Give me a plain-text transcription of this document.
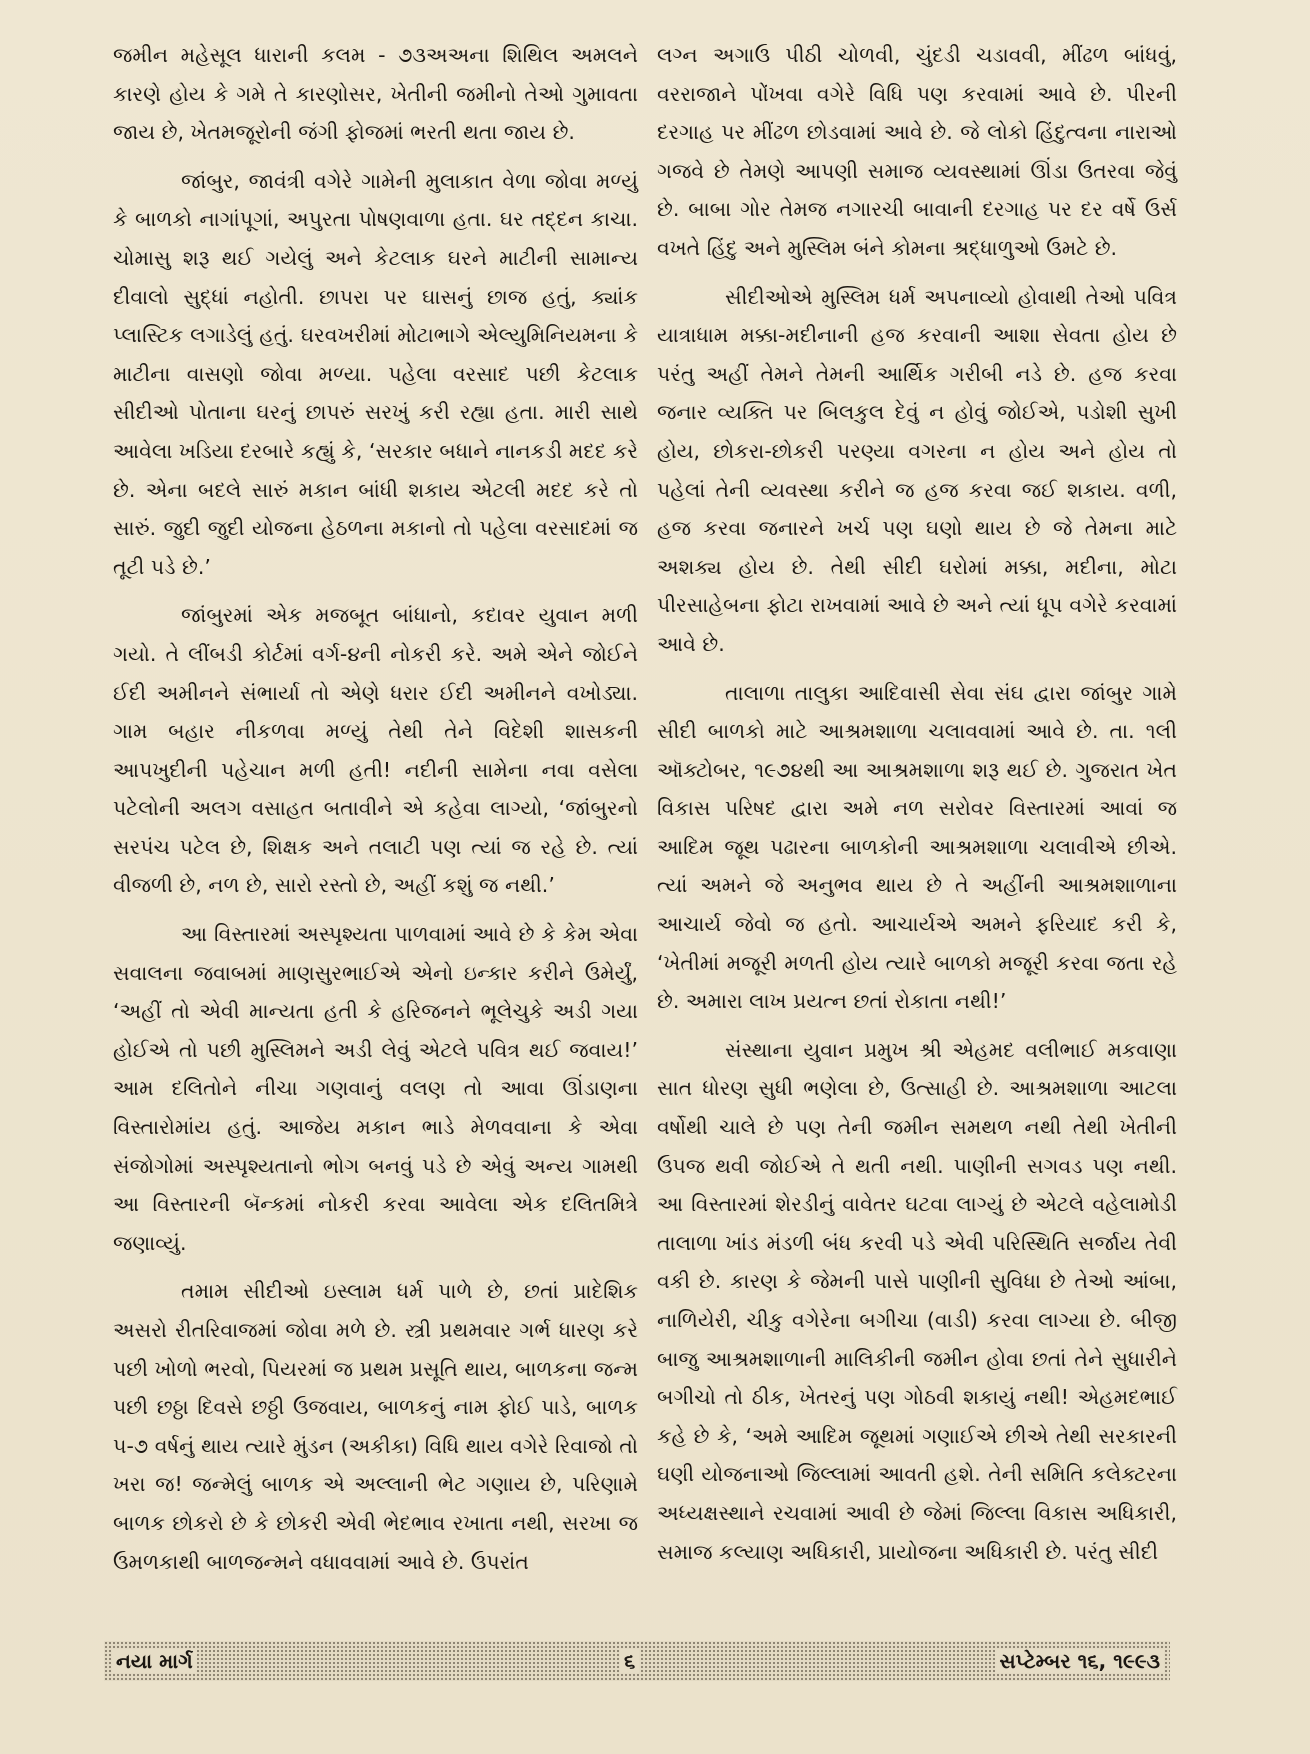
જમીન મહેસૂલ ધારાની કલમ - ૭૩અઅના શિથિલ અમલને કારણે હોય કે ગમે તે કારણોસર, ખેતીની જમીનો તેઓ ગુમાવતા જાય છે, ખેતમજૂરોની જંગી ફોજમાં ભરતી થતા જાય છે.

જાંબુર, જાવંત્રી વગેરે ગામેની મુલાકાત વેળા જોવા મળ્યું કે બાળકો નાગાંપૂગાં, અપુરતા પોષણવાળા હતા. ઘર તદ્દન કાચા. ચોમાસુ શરૂ થઈ ગયેલું અને કેટલાક ઘરને માટીની સામાન્ય દીવાલો સુદ્ધાં નહોતી. છાપરા પર ઘાસનું છાજ હતું, ક્યાંક પ્લાસ્ટિક લગાડેલું હતું. ઘરવખરીમાં મોટાભાગે એલ્યુમિનિયમના કે માટીના વાસણો જોવા મળ્યા. પહેલા વરસાદ પછી કેટલાક સીદીઓ પોતાના ઘરનું છાપરું સરખું કરી રહ્યા હતા. મારી સાથે આવેલા ખડિયા દરબારે કહ્યું કે, ‘સરકાર બધાને નાનકડી મદદ કરે છે. એના બદલે સારું મકાન બાંધી શકાય એટલી મદદ કરે તો સારું. જુદી જુદી યોજના હેઠળના મકાનો તો પહેલા વરસાદમાં જ તૂટી પડે છે.’

જાંબુરમાં એક મજબૂત બાંધાનો, કદાવર યુવાન મળી ગયો. તે લીંબડી કોર્ટમાં વર્ગ-૪ની નોકરી કરે. અમે એને જોઈને ઈદી અમીનને સંભાર્યા તો એણે ધરાર ઈદી અમીનને વખોડ્યા. ગામ બહાર નીકળવા મળ્યું તેથી તેને વિદેશી શાસકની આપખુદીની પહેચાન મળી હતી! નદીની સામેના નવા વસેલા પટેલોની અલગ વસાહત બતાવીને એ કહેવા લાગ્યો, ‘જાંબુરનો સરપંચ પટેલ છે, શિક્ષક અને તલાટી પણ ત્યાં જ રહે છે. ત્યાં વીજળી છે, નળ છે, સારો રસ્તો છે, અહીં કશું જ નથી.’

આ વિસ્તારમાં અસ્પૃશ્યતા પાળવામાં આવે છે કે કેમ એવા સવાલના જવાબમાં માણસુરભાઈએ એનો ઇન્કાર કરીને ઉમેર્યું, ‘અહીં તો એવી માન્યતા હતી કે હરિજનને ભૂલેચુકે અડી ગયા હોઈએ તો પછી મુસ્લિમને અડી લેવું એટલે પવિત્ર થઈ જવાય!’ આમ દલિતોને નીચા ગણવાનું વલણ તો આવા ઊંડાણના વિસ્તારોમાંય હતું. આજેય મકાન ભાડે મેળવવાના કે એવા સંજોગોમાં અસ્પૃશ્યતાનો ભોગ બનવું પડે છે એવું અન્ય ગામથી આ વિસ્તારની બૅન્કમાં નોકરી કરવા આવેલા એક દલિતમિત્રે જણાવ્યું.

તમામ સીદીઓ ઇસ્લામ ધર્મ પાળે છે, છતાં પ્રાદેશિક અસરો રીતરિવાજમાં જોવા મળે છે. સ્ત્રી પ્રથમવાર ગર્ભ ધારણ કરે પછી ખોળો ભરવો, પિયરમાં જ પ્રથમ પ્રસૂતિ થાય, બાળકના જન્મ પછી છઠ્ઠા દિવસે છઠ્ઠી ઉજવાય, બાળકનું નામ ફોઈ પાડે, બાળક ૫-૭ વર્ષનું થાય ત્યારે મુંડન (અકીકા) વિધિ થાય વગેરે રિવાજો તો ખરા જ! જન્મેલું બાળક એ અલ્લાની ભેટ ગણાય છે, પરિણામે બાળક છોકરો છે કે છોકરી એવી ભેદભાવ રખાતા નથી, સરખા જ ઉમળકાથી બાળજન્મને વધાવવામાં આવે છે. ઉપરાંત

લગ્ન અગાઉ પીઠી ચોળવી, ચુંદડી ચડાવવી, મીંઢળ બાંધવું, વરરાજાને પોંખવા વગેરે વિધિ પણ કરવામાં આવે છે. પીરની દરગાહ પર મીંઢળ છોડવામાં આવે છે. જે લોકો હિંદુત્વના નારાઓ ગજવે છે તેમણે આપણી સમાજ વ્યવસ્થામાં ઊંડા ઉતરવા જેવું છે. બાબા ગોર તેમજ નગારચી બાવાની દરગાહ પર દર વર્ષે ઉર્સ વખતે હિંદુ અને મુસ્લિમ બંને કોમના શ્રદ્ધાળુઓ ઉમટે છે.

સીદીઓએ મુસ્લિમ ધર્મ અપનાવ્યો હોવાથી તેઓ પવિત્ર યાત્રાધામ મક્કા-મદીનાની હજ કરવાની આશા સેવતા હોય છે પરંતુ અહીં તેમને તેમની આર્થિક ગરીબી નડે છે. હજ કરવા જનાર વ્યક્તિ પર બિલકુલ દેવું ન હોવું જોઈએ, પડોશી સુખી હોય, છોકરા-છોકરી પરણ્યા વગરના ન હોય અને હોય તો પહેલાં તેની વ્યવસ્થા કરીને જ હજ કરવા જઈ શકાય. વળી, હજ કરવા જનારને ખર્ચ પણ ઘણો થાય છે જે તેમના માટે અશક્ય હોય છે. તેથી સીદી ઘરોમાં મક્કા, મદીના, મોટા પીરસાહેબના ફોટા રાખવામાં આવે છે અને ત્યાં ધૂપ વગેરે કરવામાં આવે છે.

તાલાળા તાલુકા આદિવાસી સેવા સંઘ દ્વારા જાંબુર ગામે સીદી બાળકો માટે આશ્રમશાળા ચલાવવામાં આવે છે. તા. ૧લી ઑક્ટોબર, ૧૯૭૪થી આ આશ્રમશાળા શરૂ થઈ છે. ગુજરાત ખેત વિકાસ પરિષદ દ્વારા અમે નળ સરોવર વિસ્તારમાં આવાં જ આદિમ જૂથ પઢારના બાળકોની આશ્રમશાળા ચલાવીએ છીએ. ત્યાં અમને જે અનુભવ થાય છે તે અહીંની આશ્રમશાળાના આચાર્ય જેવો જ હતો. આચાર્યએ અમને ફરિયાદ કરી કે, ‘ખેતીમાં મજૂરી મળતી હોય ત્યારે બાળકો મજૂરી કરવા જતા રહે છે. અમારા લાખ પ્રયત્ન છતાં રોકાતા નથી!’

સંસ્થાના યુવાન પ્રમુખ શ્રી એહમદ વલીભાઈ મકવાણા સાત ધોરણ સુધી ભણેલા છે, ઉત્સાહી છે. આશ્રમશાળા આટલા વર્ષોથી ચાલે છે પણ તેની જમીન સમથળ નથી તેથી ખેતીની ઉપજ થવી જોઈએ તે થતી નથી. પાણીની સગવડ પણ નથી. આ વિસ્તારમાં શેરડીનું વાવેતર ઘટવા લાગ્યું છે એટલે વહેલામોડી તાલાળા ખાંડ મંડળી બંધ કરવી પડે એવી પરિસ્થિતિ સર્જાય તેવી વકી છે. કારણ કે જેમની પાસે પાણીની સુવિધા છે તેઓ આંબા, નાળિયેરી, ચીકુ વગેરેના બગીચા (વાડી) કરવા લાગ્યા છે. બીજી બાજુ આશ્રમશાળાની માલિકીની જમીન હોવા છતાં તેને સુધારીને બગીચો તો ઠીક, ખેતરનું પણ ગોઠવી શકાયું નથી! એહમદભાઈ કહે છે કે, ‘અમે આદિમ જૂથમાં ગણાઈએ છીએ તેથી સરકારની ઘણી યોજનાઓ જિલ્લામાં આવતી હશે. તેની સમિતિ કલેક્ટરના અધ્યક્ષસ્થાને રચવામાં આવી છે જેમાં જિલ્લા વિકાસ અધિકારી, સમાજ કલ્યાણ અધિકારી, પ્રાયોજના અધિકારી છે. પરંતુ સીદી

નયા માર્ગ	૬	સપ્ટેમ્બર ૧૬, ૧૯૯૩
